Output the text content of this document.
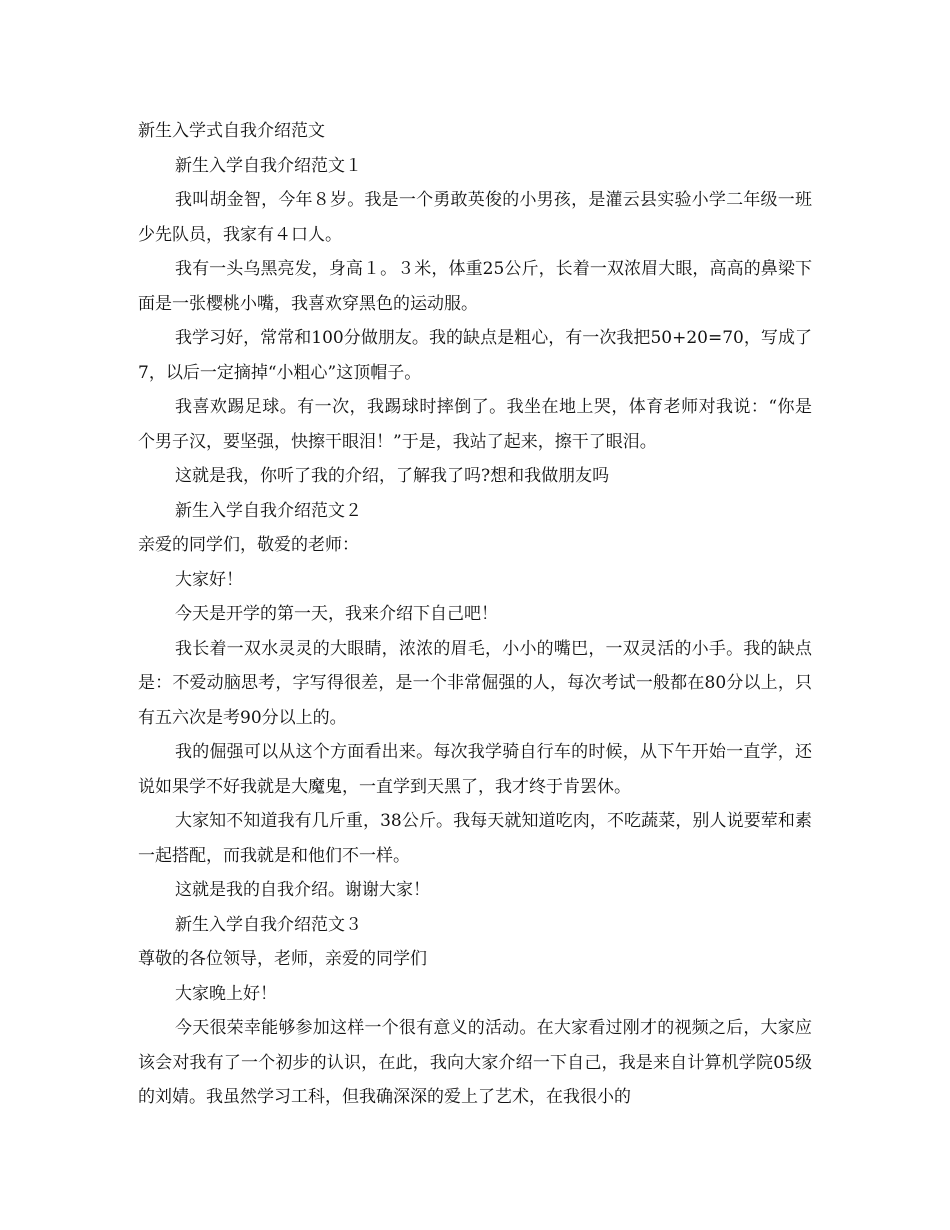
新生入学式自我介绍范文
新生入学自我介绍范文１

我叫胡金智，今年８岁。我是一个勇敢英俊的小男孩，是灌云县实验小学二年级一班少先队员，我家有４口人。

我有一头乌黑亮发，身高１。３米，体重25公斤，长着一双浓眉大眼，高高的鼻梁下面是一张樱桃小嘴，我喜欢穿黑色的运动服。

我学习好，常常和100分做朋友。我的缺点是粗心，有一次我把50+20=70，写成了7，以后一定摘掉“小粗心”这顶帽子。

我喜欢踢足球。有一次，我踢球时摔倒了。我坐在地上哭，体育老师对我说：“你是个男子汉，要坚强，快擦干眼泪！”于是，我站了起来，擦干了眼泪。

这就是我，你听了我的介绍，了解我了吗?想和我做朋友吗

新生入学自我介绍范文２
亲爱的同学们，敬爱的老师：

大家好！

今天是开学的第一天，我来介绍下自己吧！

我长着一双水灵灵的大眼睛，浓浓的眉毛，小小的嘴巴，一双灵活的小手。我的缺点是：不爱动脑思考，字写得很差，是一个非常倔强的人，每次考试一般都在80分以上，只有五六次是考90分以上的。

我的倔强可以从这个方面看出来。每次我学骑自行车的时候，从下午开始一直学，还说如果学不好我就是大魔鬼，一直学到天黑了，我才终于肯罢休。

大家知不知道我有几斤重，38公斤。我每天就知道吃肉，不吃蔬菜，别人说要荤和素一起搭配，而我就是和他们不一样。

这就是我的自我介绍。谢谢大家！

新生入学自我介绍范文３
尊敬的各位领导，老师，亲爱的同学们

大家晚上好！

今天很荣幸能够参加这样一个很有意义的活动。在大家看过刚才的视频之后，大家应该会对我有了一个初步的认识，在此，我向大家介绍一下自己，我是来自计算机学院05级的刘婧。我虽然学习工科，但我确深深的爱上了艺术，在我很小的
